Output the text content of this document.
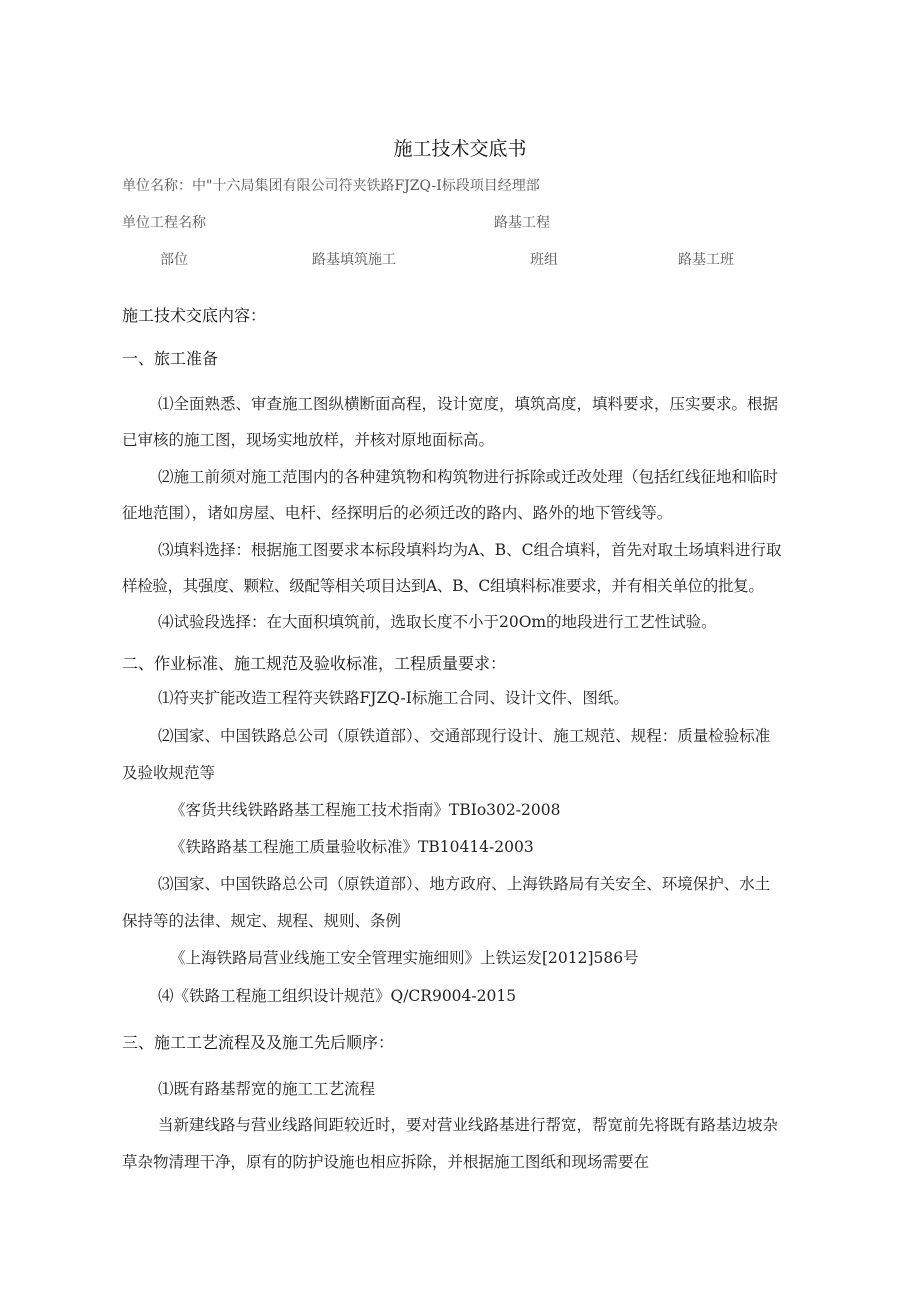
施工技术交底书
单位名称：中"十六局集团有限公司符夹铁路FJZQ-I标段项目经理部
单位工程名称	路基工程
部位	路基填筑施工	班组	路基工班
施工技术交底内容：
一、旅工准备
⑴全面熟悉、审查施工图纵横断面高程，设计宽度，填筑高度，填料要求，压实要求。根据
已审核的施工图，现场实地放样，并核对原地面标高。
⑵施工前须对施工范围内的各种建筑物和构筑物进行拆除或迁改处理（包括红线征地和临时
征地范围），诸如房屋、电杆、经探明后的必须迁改的路内、路外的地下管线等。
⑶填料选择：根据施工图要求本标段填料均为A、B、C组合填料，首先对取土场填料进行取
样检验，其强度、颗粒、级配等相关项目达到A、B、C组填料标准要求，并有相关单位的批复。
⑷试验段选择：在大面积填筑前，选取长度不小于20Om的地段进行工艺性试验。
二、作业标准、施工规范及验收标准，工程质量要求：
⑴符夹扩能改造工程符夹铁路FJZQ-I标施工合同、设计文件、图纸。
⑵国家、中国铁路总公司（原铁道部）、交通部现行设计、施工规范、规程：质量检验标准
及验收规范等
《客货共线铁路路基工程施工技术指南》TBIo302-2008
《铁路路基工程施工质量验收标准》TB10414-2003
⑶国家、中国铁路总公司（原铁道部）、地方政府、上海铁路局有关安全、环境保护、水土
保持等的法律、规定、规程、规则、条例
《上海铁路局营业线施工安全管理实施细则》上铁运发[2012]586号
⑷《铁路工程施工组织设计规范》Q/CR9004-2015
三、施工工艺流程及及施工先后顺序：
⑴既有路基帮宽的施工工艺流程
当新建线路与营业线路间距较近时，要对营业线路基进行帮宽，帮宽前先将既有路基边坡杂
草杂物清理干净，原有的防护设施也相应拆除，并根据施工图纸和现场需要在
